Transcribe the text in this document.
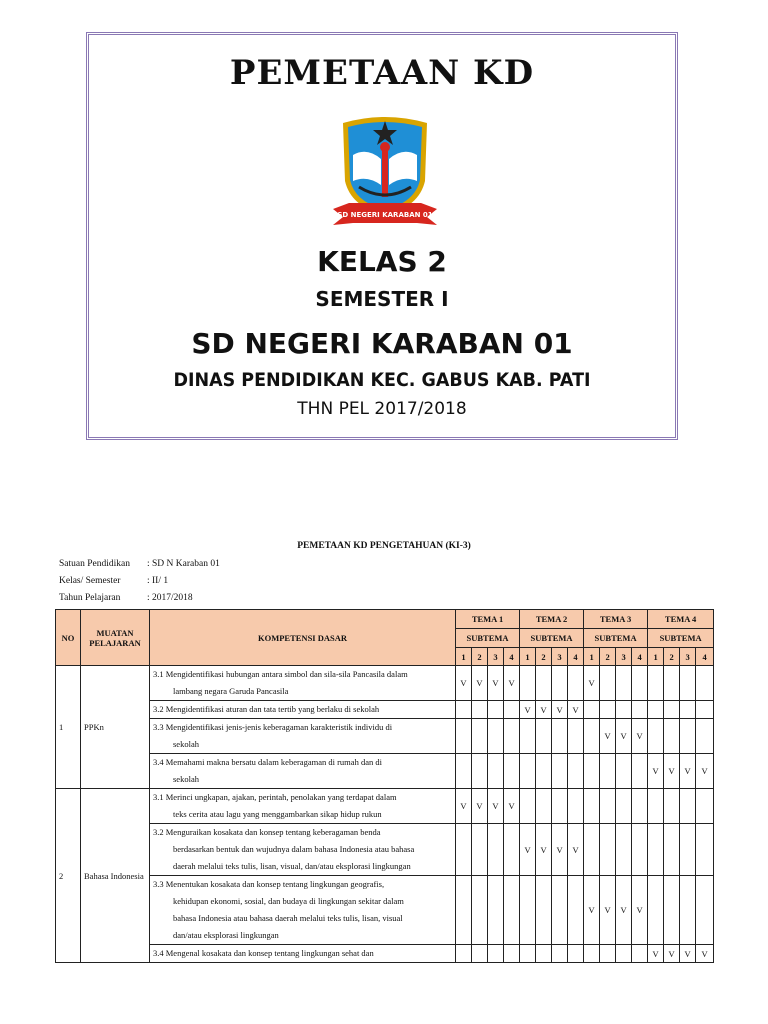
PEMETAAN KD
SD NEGERI KARABAN 01
KELAS 2
SEMESTER I
SD NEGERI KARABAN 01
DINAS PENDIDIKAN KEC. GABUS KAB. PATI
THN PEL 2017/2018
PEMETAAN KD PENGETAHUAN (KI-3)
Satuan Pendidikan : SD N Karaban 01
Kelas/ Semester	: II/ 1
Tahun Pelajaran	: 2017/2018
NO	MUATAN PELAJARAN	KOMPETENSI DASAR	TEMA 1				TEMA 2				TEMA 3				TEMA 4			
			SUBTEMA				SUBTEMA				SUBTEMA				SUBTEMA			
			1	2	3	4	1	2	3	4	1	2	3	4	1	2	3	4
1	PPKn	3.1 Mengidentifikasi hubungan antara simbol dan sila-sila Pancasila dalam
lambang negara Garuda Pancasila	V	V	V	V					V							

		3.2 Mengidentifikasi aturan dan tata tertib yang berlaku di sekolah					V	V	V	V								

		3.3 Mengidentifikasi jenis-jenis keberagaman karakteristik individu di
sekolah										V	V	V				

		3.4 Memahami makna bersatu dalam keberagaman di rumah dan di
sekolah													V	V	V	V
2	Bahasa Indonesia	3.1 Merinci ungkapan, ajakan, perintah, penolakan yang terdapat dalam
teks cerita atau lagu yang menggambarkan sikap hidup rukun	V	V	V	V												

		3.2 Menguraikan kosakata dan konsep tentang keberagaman benda
berdasarkan bentuk dan wujudnya dalam bahasa Indonesia atau bahasa
daerah melalui teks tulis, lisan, visual, dan/atau eksplorasi lingkungan					V	V	V	V								

		3.3 Menentukan kosakata dan konsep tentang lingkungan geografis,
kehidupan ekonomi, sosial, dan budaya di lingkungan sekitar dalam
bahasa Indonesia atau bahasa daerah melalui teks tulis, lisan, visual
dan/atau eksplorasi lingkungan									V	V	V	V				

		3.4 Mengenal kosakata dan konsep tentang lingkungan sehat dan													V	V	V	V
